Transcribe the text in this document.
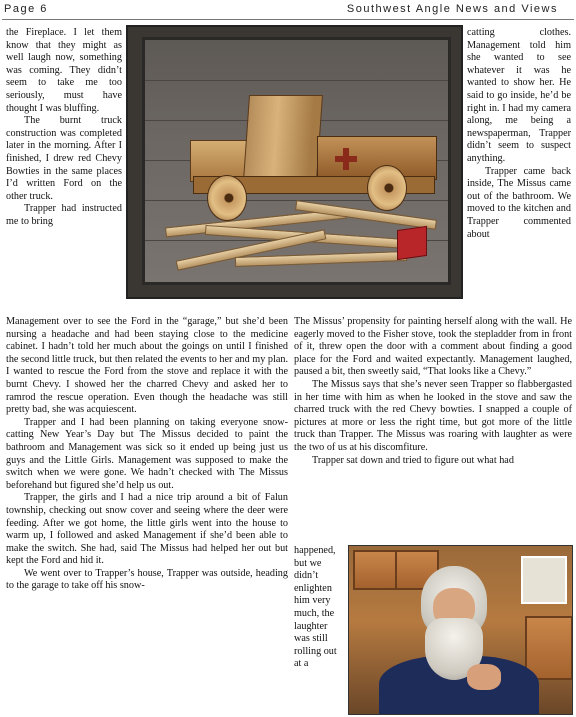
Page 6	Southwest Angle News and Views

the Fireplace. I let them know that they might as well laugh now, something was coming. They didn’t seem to take me too seriously, must have thought I was bluffing.

The burnt truck construction was completed later in the morning. After I finished, I drew red Chevy Bowties in the same places I’d written Ford on the other truck.

Trapper had instructed me to bring

Management over to see the Ford in the “garage,” but she’d been nursing a headache and had been staying close to the medicine cabinet. I hadn’t told her much about the goings on until I finished the second little truck, but then related the events to her and my plan. I wanted to rescue the Ford from the stove and replace it with the burnt Chevy. I showed her the charred Chevy and asked her to ramrod the rescue operation. Even though the headache was still pretty bad, she was acquiescent.

Trapper and I had been planning on taking everyone snow-catting New Year’s Day but The Missus decided to paint the bathroom and Management was sick so it ended up being just us guys and the Little Girls. Management was supposed to make the switch when we were gone. We hadn’t checked with The Missus beforehand but figured she’d help us out.

Trapper, the girls and I had a nice trip around a bit of Falun township, checking out snow cover and seeing where the deer were feeding. After we got home, the little girls went into the house to warm up, I followed and asked Management if she’d been able to make the switch. She had, said The Missus had helped her out but kept the Ford and hid it.

We went over to Trapper’s house, Trapper was outside, heading to the garage to take off his snow-

catting clothes. Management told him she wanted to see whatever it was he wanted to show her. He said to go inside, he’d be right in. I had my camera along, me being a newspaperman, Trapper didn’t seem to suspect anything.

Trapper came back inside, The Missus came out of the bathroom. We moved to the kitchen and Trapper commented about

The Missus’ propensity for painting herself along with the wall. He eagerly moved to the Fisher stove, took the stepladder from in front of it, threw open the door with a comment about finding a good place for the Ford and waited expectantly. Management laughed, paused a bit, then sweetly said, “That looks like a Chevy.”

The Missus says that she’s never seen Trapper so flabbergasted in her time with him as when he looked in the stove and saw the charred truck with the red Chevy bowties. I snapped a couple of pictures at more or less the right time, but got more of the little truck than Trapper. The Missus was roaring with laughter as were the two of us at his discomfiture.

Trapper sat down and tried to figure out what had

happened, but we didn’t enlighten him very much, the laughter was still rolling out at a
